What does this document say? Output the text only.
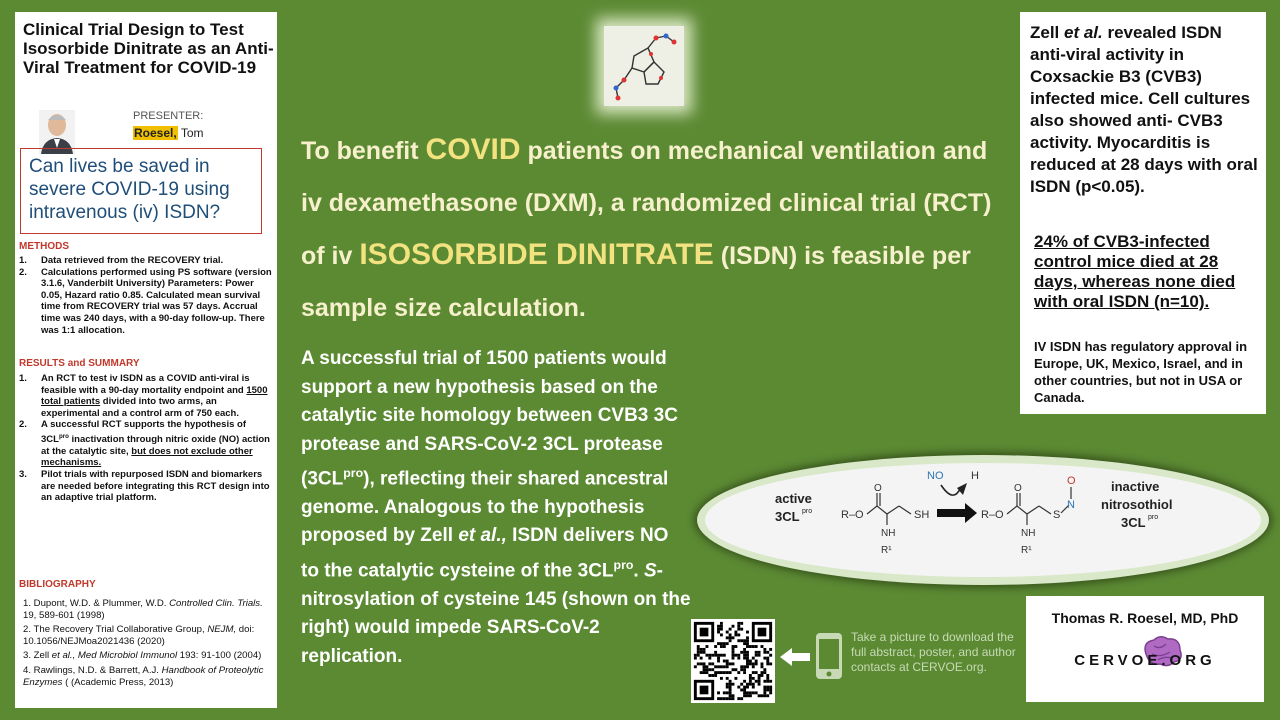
Clinical Trial Design to Test Isosorbide Dinitrate as an Anti-Viral Treatment for COVID-19
PRESENTER:
Roesel, Tom
Can lives be saved in severe COVID-19 using intravenous (iv) ISDN?
METHODS
1.	Data retrieved from the RECOVERY trial.
2.	Calculations performed using PS software (version 3.1.6, Vanderbilt University) Parameters: Power 0.05, Hazard ratio 0.85. Calculated mean survival time from RECOVERY trial was 57 days. Accrual time was 240 days, with a 90-day follow-up. There was 1:1 allocation.
RESULTS and SUMMARY
1.	An RCT to test iv ISDN as a COVID anti-viral is feasible with a 90-day mortality endpoint and 1500 total patients divided into two arms, an experimental and a control arm of 750 each.
2.	A successful RCT supports the hypothesis of $3CL^{pro}$ inactivation through nitric oxide (NO) action at the catalytic site, but does not exclude other mechanisms.
3.	Pilot trials with repurposed ISDN and biomarkers are needed before integrating this RCT design into an adaptive trial platform.
BIBLIOGRAPHY
1. Dupont, W.D. & Plummer, W.D. Controlled Clin. Trials. 19, 589-601 (1998)
2. The Recovery Trial Collaborative Group, NEJM, doi: 10.1056/NEJMoa2021436 (2020)
3. Zell et al., Med Microbiol Immunol 193: 91-100 (2004)
4. Rawlings, N.D. & Barrett, A.J. Handbook of Proteolytic Enzymes ( (Academic Press, 2013)
To benefit COVID patients on mechanical ventilation and iv dexamethasone (DXM), a randomized clinical trial (RCT) of iv ISOSORBIDE DINITRATE (ISDN) is feasible per sample size calculation.
A successful trial of 1500 patients would support a new hypothesis based on the catalytic site homology between CVB3 3C protease and SARS-CoV-2 3CL protease $(3CL^{pro})$, reflecting their shared ancestral genome. Analogous to the hypothesis proposed by Zell et al., ISDN delivers NO to the catalytic cysteine of the $3CL^{pro}$. S-nitrosylation of cysteine 145 (shown on the right) would impede SARS-CoV-2 replication.
Zell et al. revealed ISDN anti-viral activity in Coxsackie B3 (CVB3) infected mice. Cell cultures also showed anti- CVB3 activity. Myocarditis is reduced at 28 days with oral ISDN (p<0.05).
24% of CVB3-infected control mice died at 28 days, whereas none died with oral ISDN (n=10).
IV ISDN has regulatory approval in Europe, UK, Mexico, Israel, and in other countries, but not in USA or Canada.
active
3CL pro	R–O
O
SH
NH
R¹
NO	H
R–O
O
S
N
O
NH
R¹
inactive
nitrosothiol
3CL pro
Take a picture to download the full abstract, poster, and author contacts at CERVOE.org.
Thomas R. Roesel, MD, PhD
CERVOE.ORG
